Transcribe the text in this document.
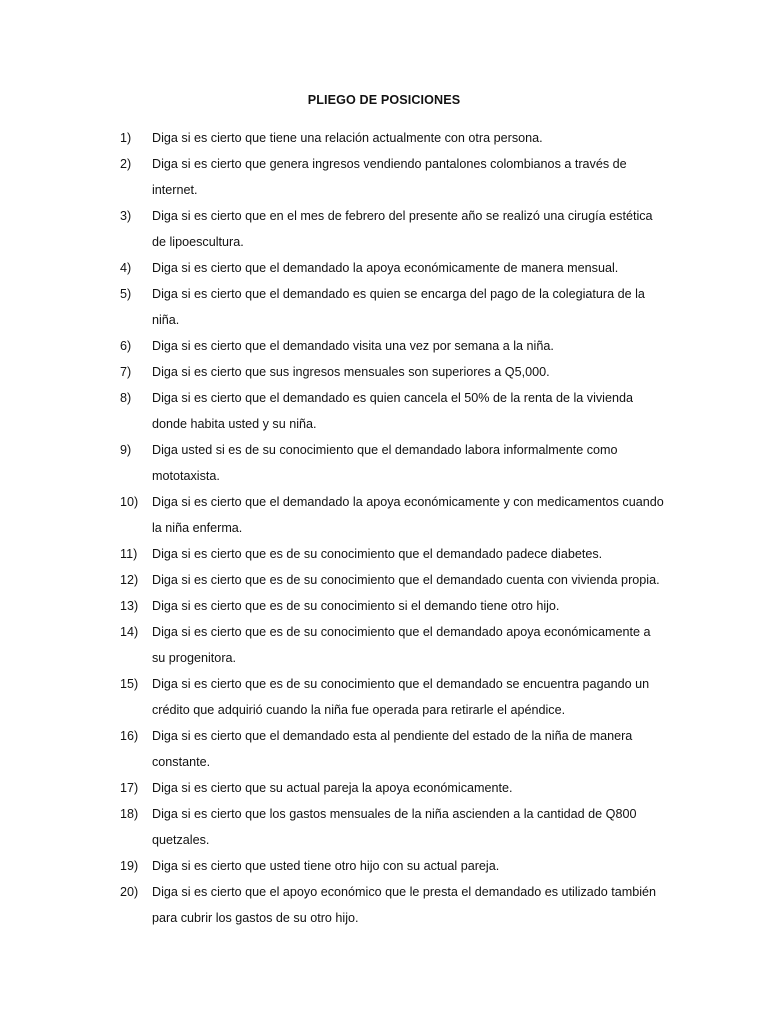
PLIEGO DE POSICIONES
1)	Diga si es cierto que tiene una relación actualmente con otra persona.
2)	Diga si es cierto que genera ingresos vendiendo pantalones colombianos a través de internet.
3)	Diga si es cierto que en el mes de febrero del presente año se realizó una cirugía estética de lipoescultura.
4)	Diga si es cierto que el demandado la apoya económicamente de manera mensual.
5)	Diga si es cierto que el demandado es quien se encarga del pago de la colegiatura de la niña.
6)	Diga si es cierto que el demandado visita una vez por semana a la niña.
7)	Diga si es cierto que sus ingresos mensuales son superiores a Q5,000.
8)	Diga si es cierto que el demandado es quien cancela el 50% de la renta de la vivienda donde habita usted y su niña.
9)	Diga usted si es de su conocimiento que el demandado labora informalmente como mototaxista.
10)	Diga si es cierto que el demandado la apoya económicamente y con medicamentos cuando la niña enferma.
11)	Diga si es cierto que es de su conocimiento que el demandado padece diabetes.
12)	Diga si es cierto que es de su conocimiento que el demandado cuenta con vivienda propia.
13)	Diga si es cierto que es de su conocimiento si el demando tiene otro hijo.
14)	Diga si es cierto que es de su conocimiento que el demandado apoya económicamente a su progenitora.
15)	Diga si es cierto que es de su conocimiento que el demandado se encuentra pagando un crédito que adquirió cuando la niña fue operada para retirarle el apéndice.
16)	Diga si es cierto que el demandado esta al pendiente del estado de la niña de manera constante.
17)	Diga si es cierto que su actual pareja la apoya económicamente.
18)	Diga si es cierto que los gastos mensuales de la niña ascienden a la cantidad de Q800 quetzales.
19)	Diga si es cierto que usted tiene otro hijo con su actual pareja.
20)	Diga si es cierto que el apoyo económico que le presta el demandado es utilizado también para cubrir los gastos de su otro hijo.
